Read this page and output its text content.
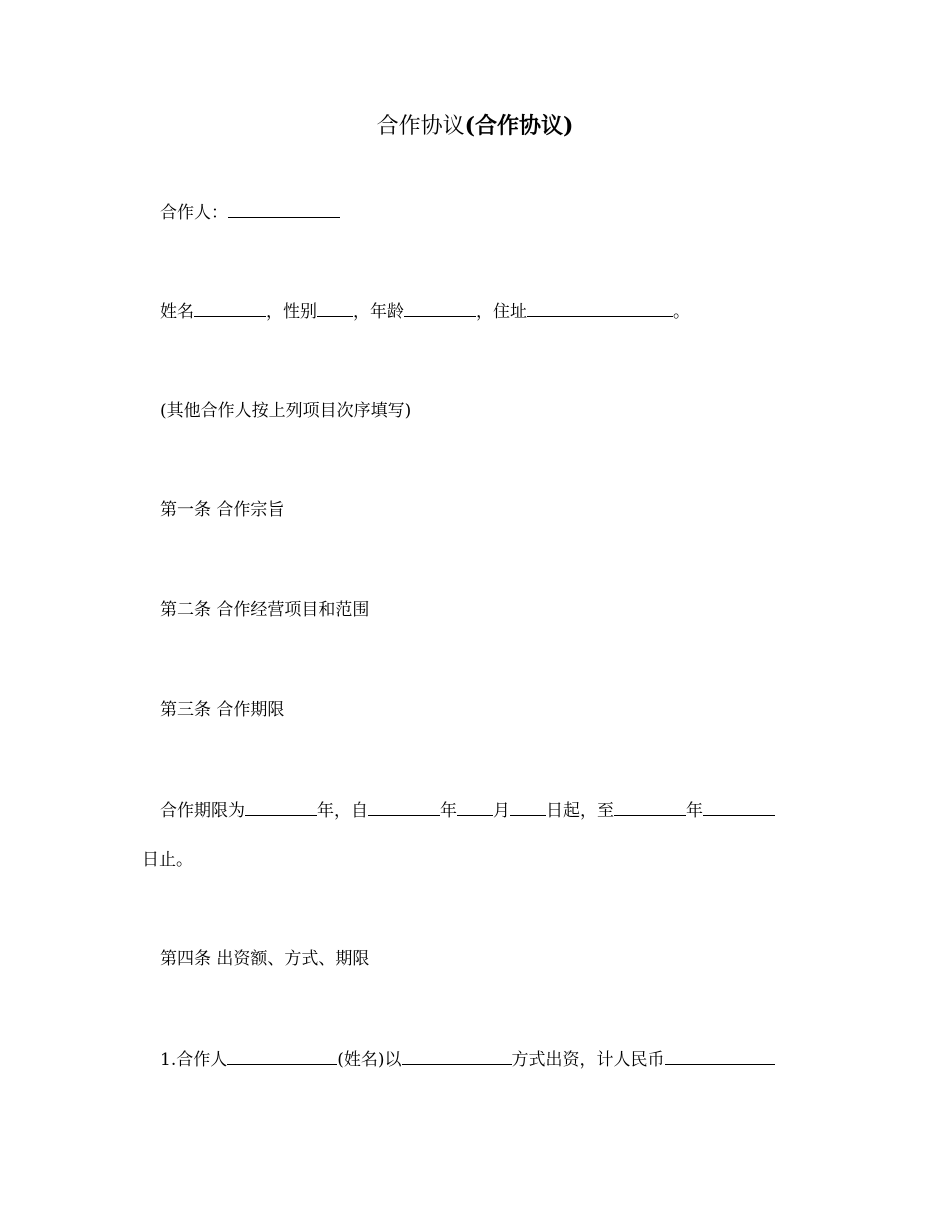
合作协议(合作协议)
合作人：
姓名	，性别 ，年龄	，住址	。
(其他合作人按上列项目次序填写)
第一条 合作宗旨
第二条 合作经营项目和范围
第三条 合作期限
合作期限为	年，自	年 月 日起，至	年
日止。
第四条 出资额、方式、期限
1.合作人	(姓名)以	方式出资，计人民币
